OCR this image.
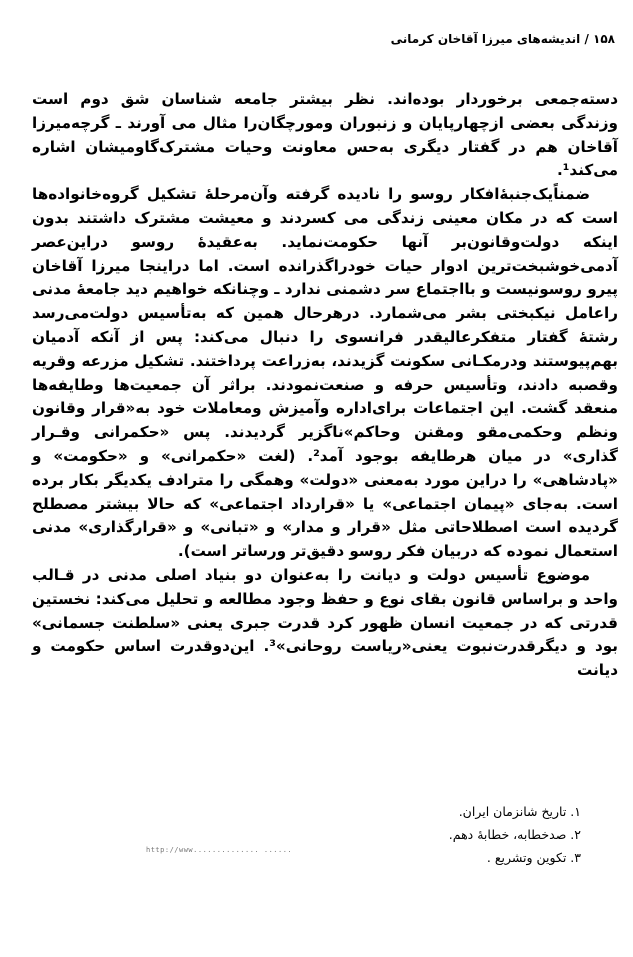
۱۵۸ / اندیشه‌های میرزا آقاخان کرمانی

دسته‌جمعی برخوردار بوده‌اند. نظر بیشتر جامعه شناسان شق دوم است وزندگی بعضی ازچهارپایان و زنبوران ومورچگان‌را مثال می آورند ـ گرچه‌میرزا آقاخان هم در گفتار دیگری به‌حس معاونت وحیات مشترک‌گاومیشان اشاره می‌کند¹.

ضمناً‌یک‌جنبهٔ‌افکار روسو را نادیده گرفته وآن‌مرحلهٔ تشکیل گروه‌خانواده‌ها است که در مکان معینی زندگی می کسردند و معیشت مشترک داشتند بدون اینکه دولت‌وقانون‌بر آنها حکومت‌نماید. به‌عقیدهٔ روسو دراین‌عصر آدمی‌خوشبخت‌ترین ادوار حیات خودراگذرانده است. اما دراینجا میرزا آقاخان پیرو روسونیست و بااجتماع سر دشمنی ندارد ـ وچنانکه خواهیم دید جامعهٔ مدنی راعامل نیکبختی بشر می‌شمارد. درهرحال همین که به‌تأسیس دولت‌می‌رسد رشتهٔ گفتار متفکرعالیقدر فرانسوی را دنبال می‌کند: پس از آنکه آدمیان بهم‌پیوستند ودرمکـانی سکونت گزیدند، به‌زراعت پرداختند. تشکیل مزرعه وقریه وقصبه دادند، وتأسیس حرفه و صنعت‌نمودند. براثر آن جمعیت‌ها وطایفه‌ها منعقد گشت. این اجتماعات برای‌اداره وآمیزش ومعاملات خود به«قرار وقانون ونظم وحکمی‌مقو ومقنن وحاکم»ناگزیر گردیدند. پس «حکمرانی وقـرار گذاری» در میان هرطایفه بوجود آمد². (لغت «حکمرانی» و «حکومت» و «پادشاهی» را دراین مورد به‌معنی «دولت» وهمگی را مترادف یکدیگر بکار برده است. به‌جای «پیمان اجتماعی» یا «قرارداد اجتماعی» که حالا بیشتر مصطلح گردیده است اصطلاحاتی مثل «قرار و مدار» و «تبانی» و «قرارگذاری» مدنی استعمال نموده که دربیان فکر روسو دقیق‌تر ورساتر است).

موضوع تأسیس دولت و دیانت را به‌عنوان دو بنیاد اصلی مدنی در قـالب واحد و براساس قانون بقای نوع و حفظ وجود مطالعه و تحلیل می‌کند: نخستین قدرتی که در جمعیت انسان ظهور کرد قدرت جبری یعنی «سلطنت جسمانی» بود و دیگرقدرت‌نبوت یعنی«ریاست روحانی»³. این‌دوقدرت اساس حکومت و دیانت

۱. تاریخ شانزمان ایران.
۲. صدخطابه، خطابهٔ دهم.
۳. تکوین وتشریع .
http://www.............. ......
